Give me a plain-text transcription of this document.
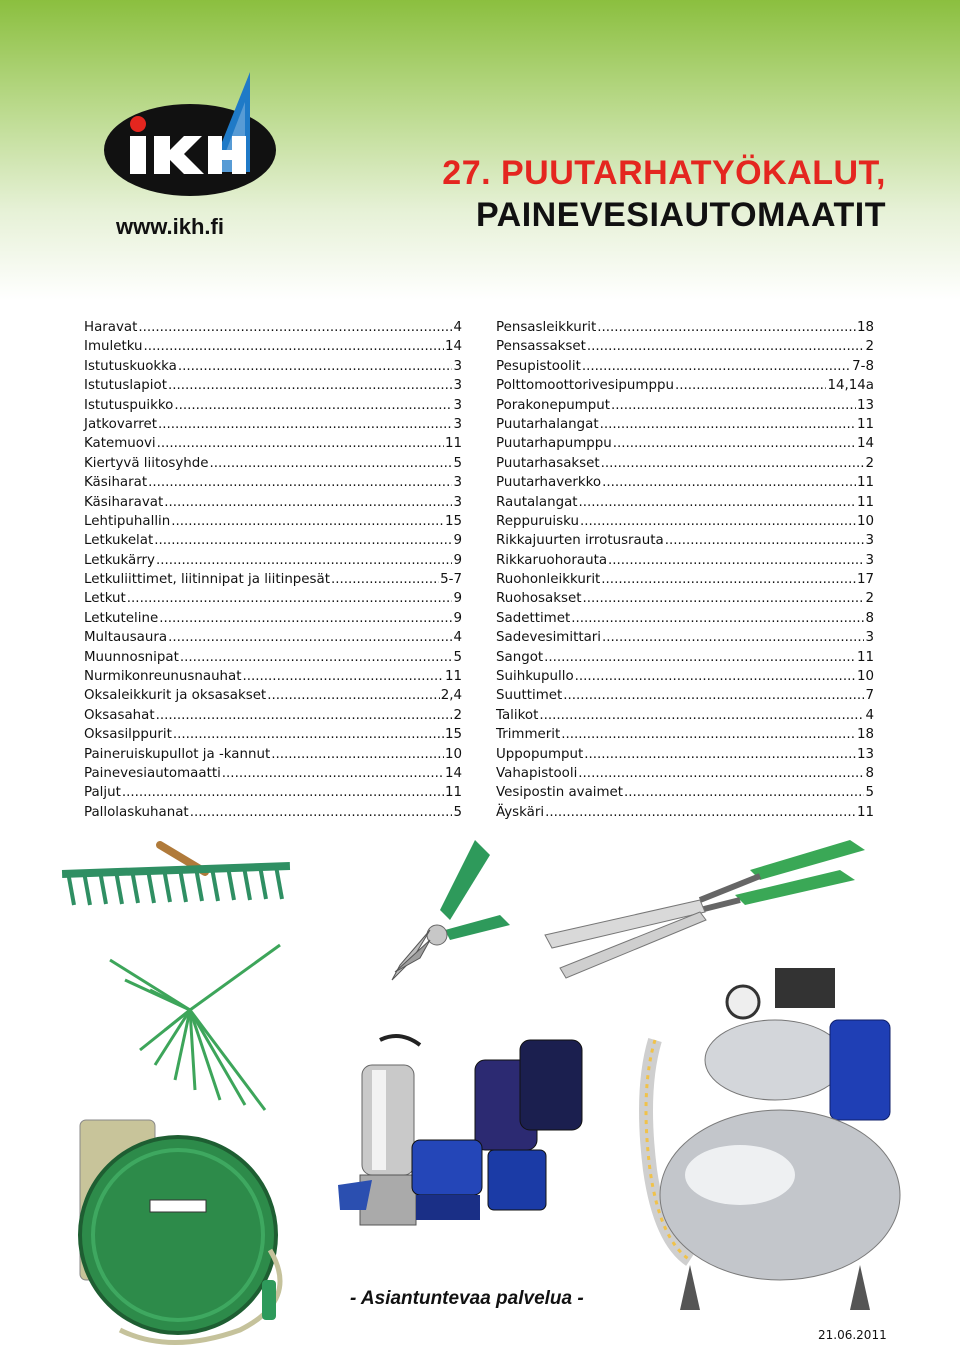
www.ikh.fi
27. PUUTARHATYÖKALUT,
PAINEVESIAUTOMAATIT
Haravat .....	4
Imuletku .....	14
Istutuskuokka .....	3
Istutuslapiot .....	3
Istutuspuikko .....	3
Jatkovarret .....	3
Katemuovi .....	11
Kiertyvä liitosyhde .....	5
Käsiharat .....	3
Käsiharavat .....	3
Lehtipuhallin .....	15
Letkukelat .....	9
Letkukärry .....	9
Letkuliittimet, liitinnipat ja liitinpesät .....	5-7
Letkut .....	9
Letkuteline .....	9
Multausaura .....	4
Muunnosnipat .....	5
Nurmikonreunusnauhat .....	11
Oksaleikkurit ja oksasakset .....	2,4
Oksasahat .....	2
Oksasilppurit .....	15
Paineruiskupullot ja -kannut .....	10
Painevesiautomaatti .....	14
Paljut .....	11
Pallolaskuhanat .....	5
Pensasleikkurit .....	18
Pensassakset .....	2
Pesupistoolit .....	7-8
Polttomoottorivesipumppu .....	14,14a
Porakonepumput .....	13
Puutarhalangat .....	11
Puutarhapumppu .....	14
Puutarhasakset .....	2
Puutarhaverkko .....	11
Rautalangat .....	11
Reppuruisku .....	10
Rikkajuurten irrotusrauta .....	3
Rikkaruohorauta .....	3
Ruohonleikkurit .....	17
Ruohosakset .....	2
Sadettimet .....	8
Sadevesimittari .....	3
Sangot .....	11
Suihkupullo .....	10
Suuttimet .....	7
Talikot .....	4
Trimmerit .....	18
Uppopumput .....	13
Vahapistooli .....	8
Vesipostin avaimet .....	5
Äyskäri .....	11
- Asiantuntevaa palvelua -
21.06.2011
